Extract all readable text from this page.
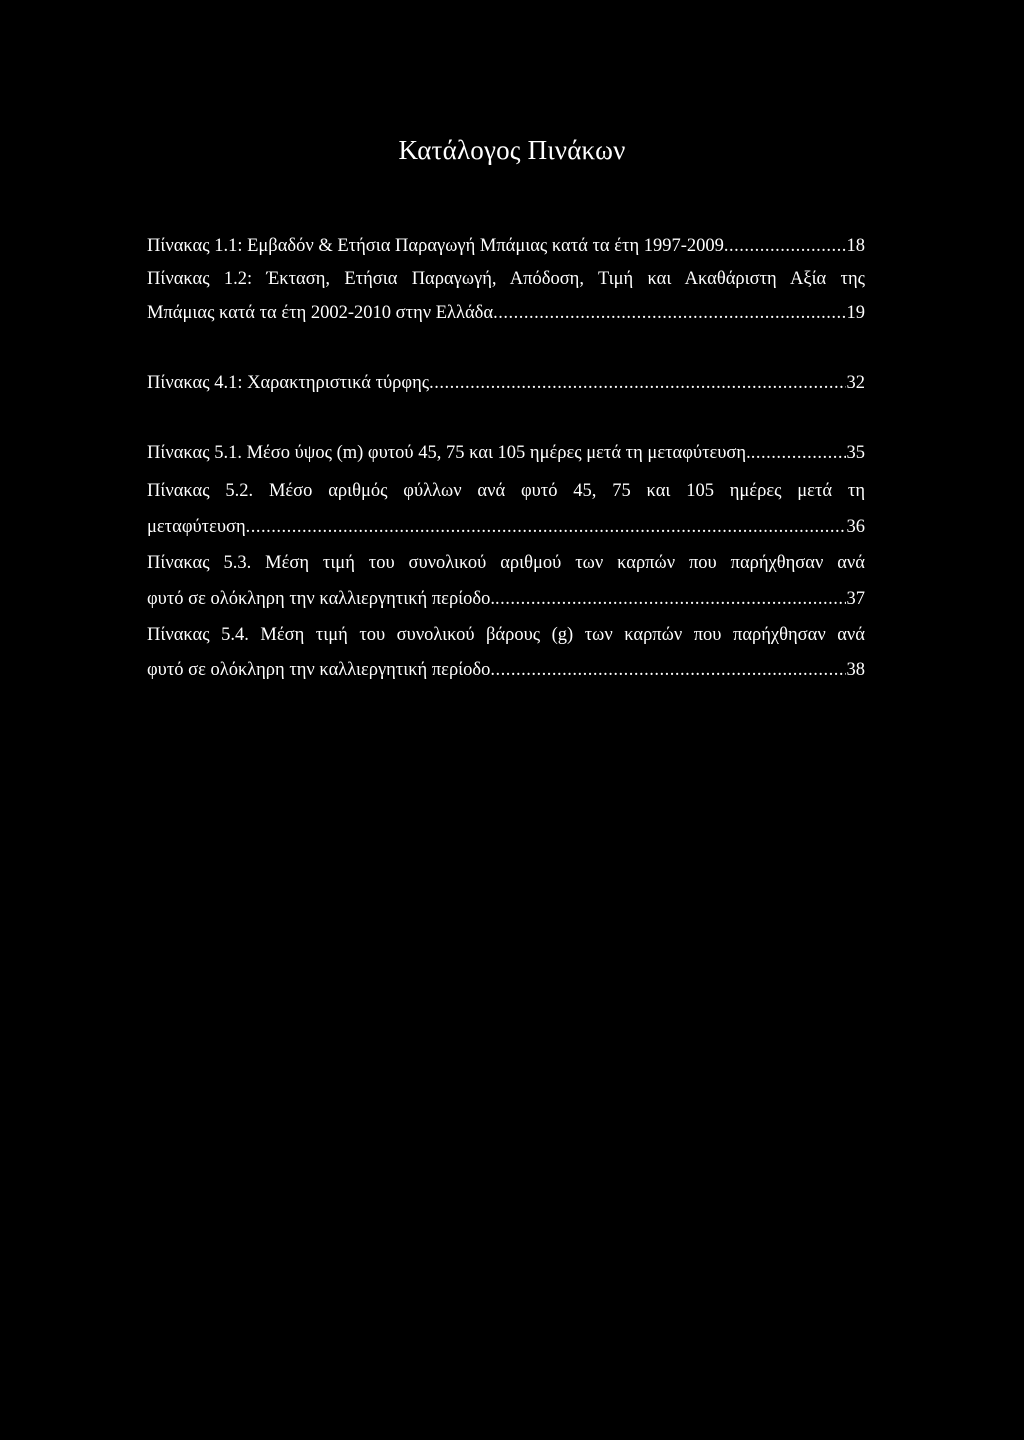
Κατάλογος Πινάκων
Πίνακας 1.1: Εμβαδόν & Ετήσια Παραγωγή Μπάμιας κατά τα έτη 1997-2009 .....	18
Πίνακας 1.2: Έκταση, Ετήσια Παραγωγή, Απόδοση, Τιμή και Ακαθάριστη Αξία της
Μπάμιας κατά τα έτη 2002-2010 στην Ελλάδα .....	19
Πίνακας 4.1: Χαρακτηριστικά τύρφης .....	32
Πίνακας 5.1. Μέσο ύψος (m) φυτού 45, 75 και 105 ημέρες μετά τη μεταφύτευση. .....	35
Πίνακας 5.2. Μέσο αριθμός φύλλων ανά φυτό 45, 75 και 105 ημέρες μετά τη
μεταφύτευση .....	36
Πίνακας 5.3. Μέση τιμή του συνολικού αριθμού των καρπών που παρήχθησαν ανά
φυτό σε ολόκληρη την καλλιεργητική περίοδο. .....	37
Πίνακας 5.4. Μέση τιμή του συνολικού βάρους (g) των καρπών που παρήχθησαν ανά
φυτό σε ολόκληρη την καλλιεργητική περίοδο .....	38
